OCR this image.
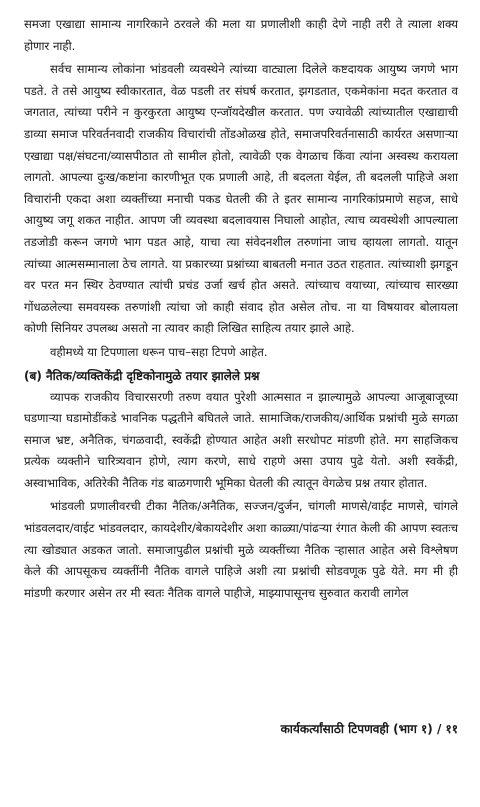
समजा एखाद्या सामान्य नागरिकाने ठरवले की मला या प्रणालीशी काही देणे नाही तरी ते त्याला शक्य होणार नाही.

सर्वच सामान्य लोकांना भांडवली व्यवस्थेने त्यांच्या वाट्याला दिलेले कष्टदायक आयुष्य जगणे भाग पडते. ते तसे आयुष्य स्वीकारतात, वेळ पडली तर संघर्ष करतात, झगडतात, एकमेकांना मदत करतात व जगतात, त्यांच्या परीने न कुरकुरता आयुष्य एन्जॉयदेखील करतात. पण ज्यावेळी त्यांच्यातील एखाद्याची डाव्या समाज परिवर्तनवादी राजकीय विचारांची तोंडओळख होते, समाजपरिवर्तनासाठी कार्यरत असणाऱ्या एखाद्या पक्ष/संघटना/व्यासपीठात तो सामील होतो, त्यावेळी एक वेगळाच किंवा त्यांना अस्वस्थ करायला लागतो. आपल्या दुःख/कष्टांना कारणीभूत एक प्रणाली आहे, ती बदलता येईल, ती बदलली पाहिजे अशा विचारांनी एकदा अशा व्यक्तींच्या मनाची पकड घेतली की ते इतर सामान्य नागरिकांप्रमाणे सहज, साधे आयुष्य जगू शकत नाहीत. आपण जी व्यवस्था बदलावयास निघालो आहोत, त्याच व्यवस्थेशी आपल्याला तडजोडी करून जगणे भाग पडत आहे, याचा त्या संवेदनशील तरुणांना जाच व्हायला लागतो. यातून त्यांच्या आत्मसम्मानाला ठेच लागते. या प्रकारच्या प्रश्नांच्या बाबतली मनात उठत राहतात. त्यांच्याशी झगडून वर परत मन स्थिर ठेवण्यात त्यांची प्रचंड उर्जा खर्च होत असते. त्यांच्याच वयाच्या, त्यांच्याच सारख्या गोंधळलेल्या समवयस्क तरुणांशी त्यांचा जो काही संवाद होत असेल तोच. ना या विषयावर बोलायला कोणी सिनियर उपलब्ध असतो ना त्यावर काही लिखित साहित्य तयार झाले आहे.

वहीमध्ये या टिपणाला धरून पाच–सहा टिपणे आहेत.

(ब) नैतिक/व्यक्तिकेंद्री दृष्टिकोनामुळे तयार झालेले प्रश्न

व्यापक राजकीय विचारसरणी तरुण वयात पुरेशी आत्मसात न झाल्यामुळे आपल्या आजूबाजूच्या घडणाऱ्या घडामोडींकडे भावनिक पद्धतीने बघितले जाते. सामाजिक/राजकीय/आर्थिक प्रश्नांची मुळे सगळा समाज भ्रष्ट, अनैतिक, चंगळवादी, स्वकेंद्री होण्यात आहेत अशी सरधोपट मांडणी होते. मग साहजिकच प्रत्येक व्यक्तीने चारित्र्यवान होणे, त्याग करणे, साधे राहणे असा उपाय पुढे येतो. अशी स्वकेंद्री, अस्वाभाविक, अतिरेकी नैतिक गंड बाळगणारी भूमिका घेतली की त्यातून वेगळेच प्रश्न तयार होतात.

भांडवली प्रणालीवरची टीका नैतिक/अनैतिक, सज्जन/दुर्जन, चांगली माणसे/वाईट माणसे, चांगले भांडवलदार/वाईट भांडवलदार, कायदेशीर/बेकायदेशीर अशा काळ्या/पांढऱ्या रंगात केली की आपण स्वतःच त्या खोड्यात अडकत जातो. समाजापुढील प्रश्नांची मुळे व्यक्तींच्या नैतिक ऱ्हासात आहेत असे विश्लेषण केले की आपसूकच व्यक्तींनी नैतिक वागले पाहिजे अशी त्या प्रश्नांची सोडवणूक पुढे येते. मग मी ही मांडणी करणार असेन तर मी स्वतः नैतिक वागले पाहीजे, माझ्यापासूनच सुरुवात करावी लागेल

कार्यकर्त्यांसाठी टिपणवही (भाग १) / ११
